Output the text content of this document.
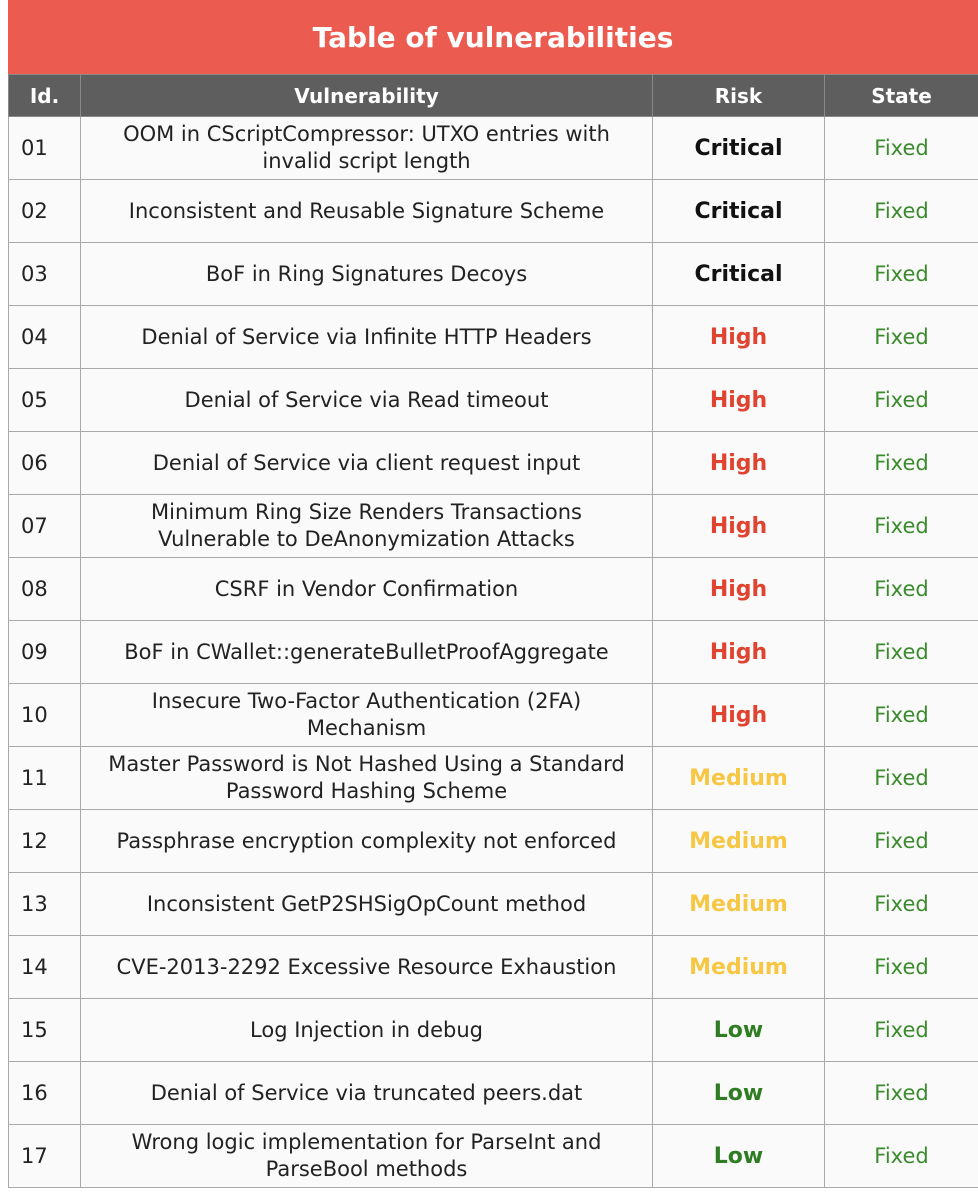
Table of vulnerabilities
Id.	Vulnerability	Risk	State
01	OOM in CScriptCompressor: UTXO entries with invalid script length	Critical	Fixed
02	Inconsistent and Reusable Signature Scheme	Critical	Fixed
03	BoF in Ring Signatures Decoys	Critical	Fixed
04	Denial of Service via Infinite HTTP Headers	High	Fixed
05	Denial of Service via Read timeout	High	Fixed
06	Denial of Service via client request input	High	Fixed
07	Minimum Ring Size Renders Transactions Vulnerable to DeAnonymization Attacks	High	Fixed
08	CSRF in Vendor Confirmation	High	Fixed
09	BoF in CWallet::generateBulletProofAggregate	High	Fixed
10	Insecure Two-Factor Authentication (2FA) Mechanism	High	Fixed
11	Master Password is Not Hashed Using a Standard Password Hashing Scheme	Medium	Fixed
12	Passphrase encryption complexity not enforced	Medium	Fixed
13	Inconsistent GetP2SHSigOpCount method	Medium	Fixed
14	CVE-2013-2292 Excessive Resource Exhaustion	Medium	Fixed
15	Log Injection in debug	Low	Fixed
16	Denial of Service via truncated peers.dat	Low	Fixed
17	Wrong logic implementation for ParseInt and ParseBool methods	Low	Fixed
